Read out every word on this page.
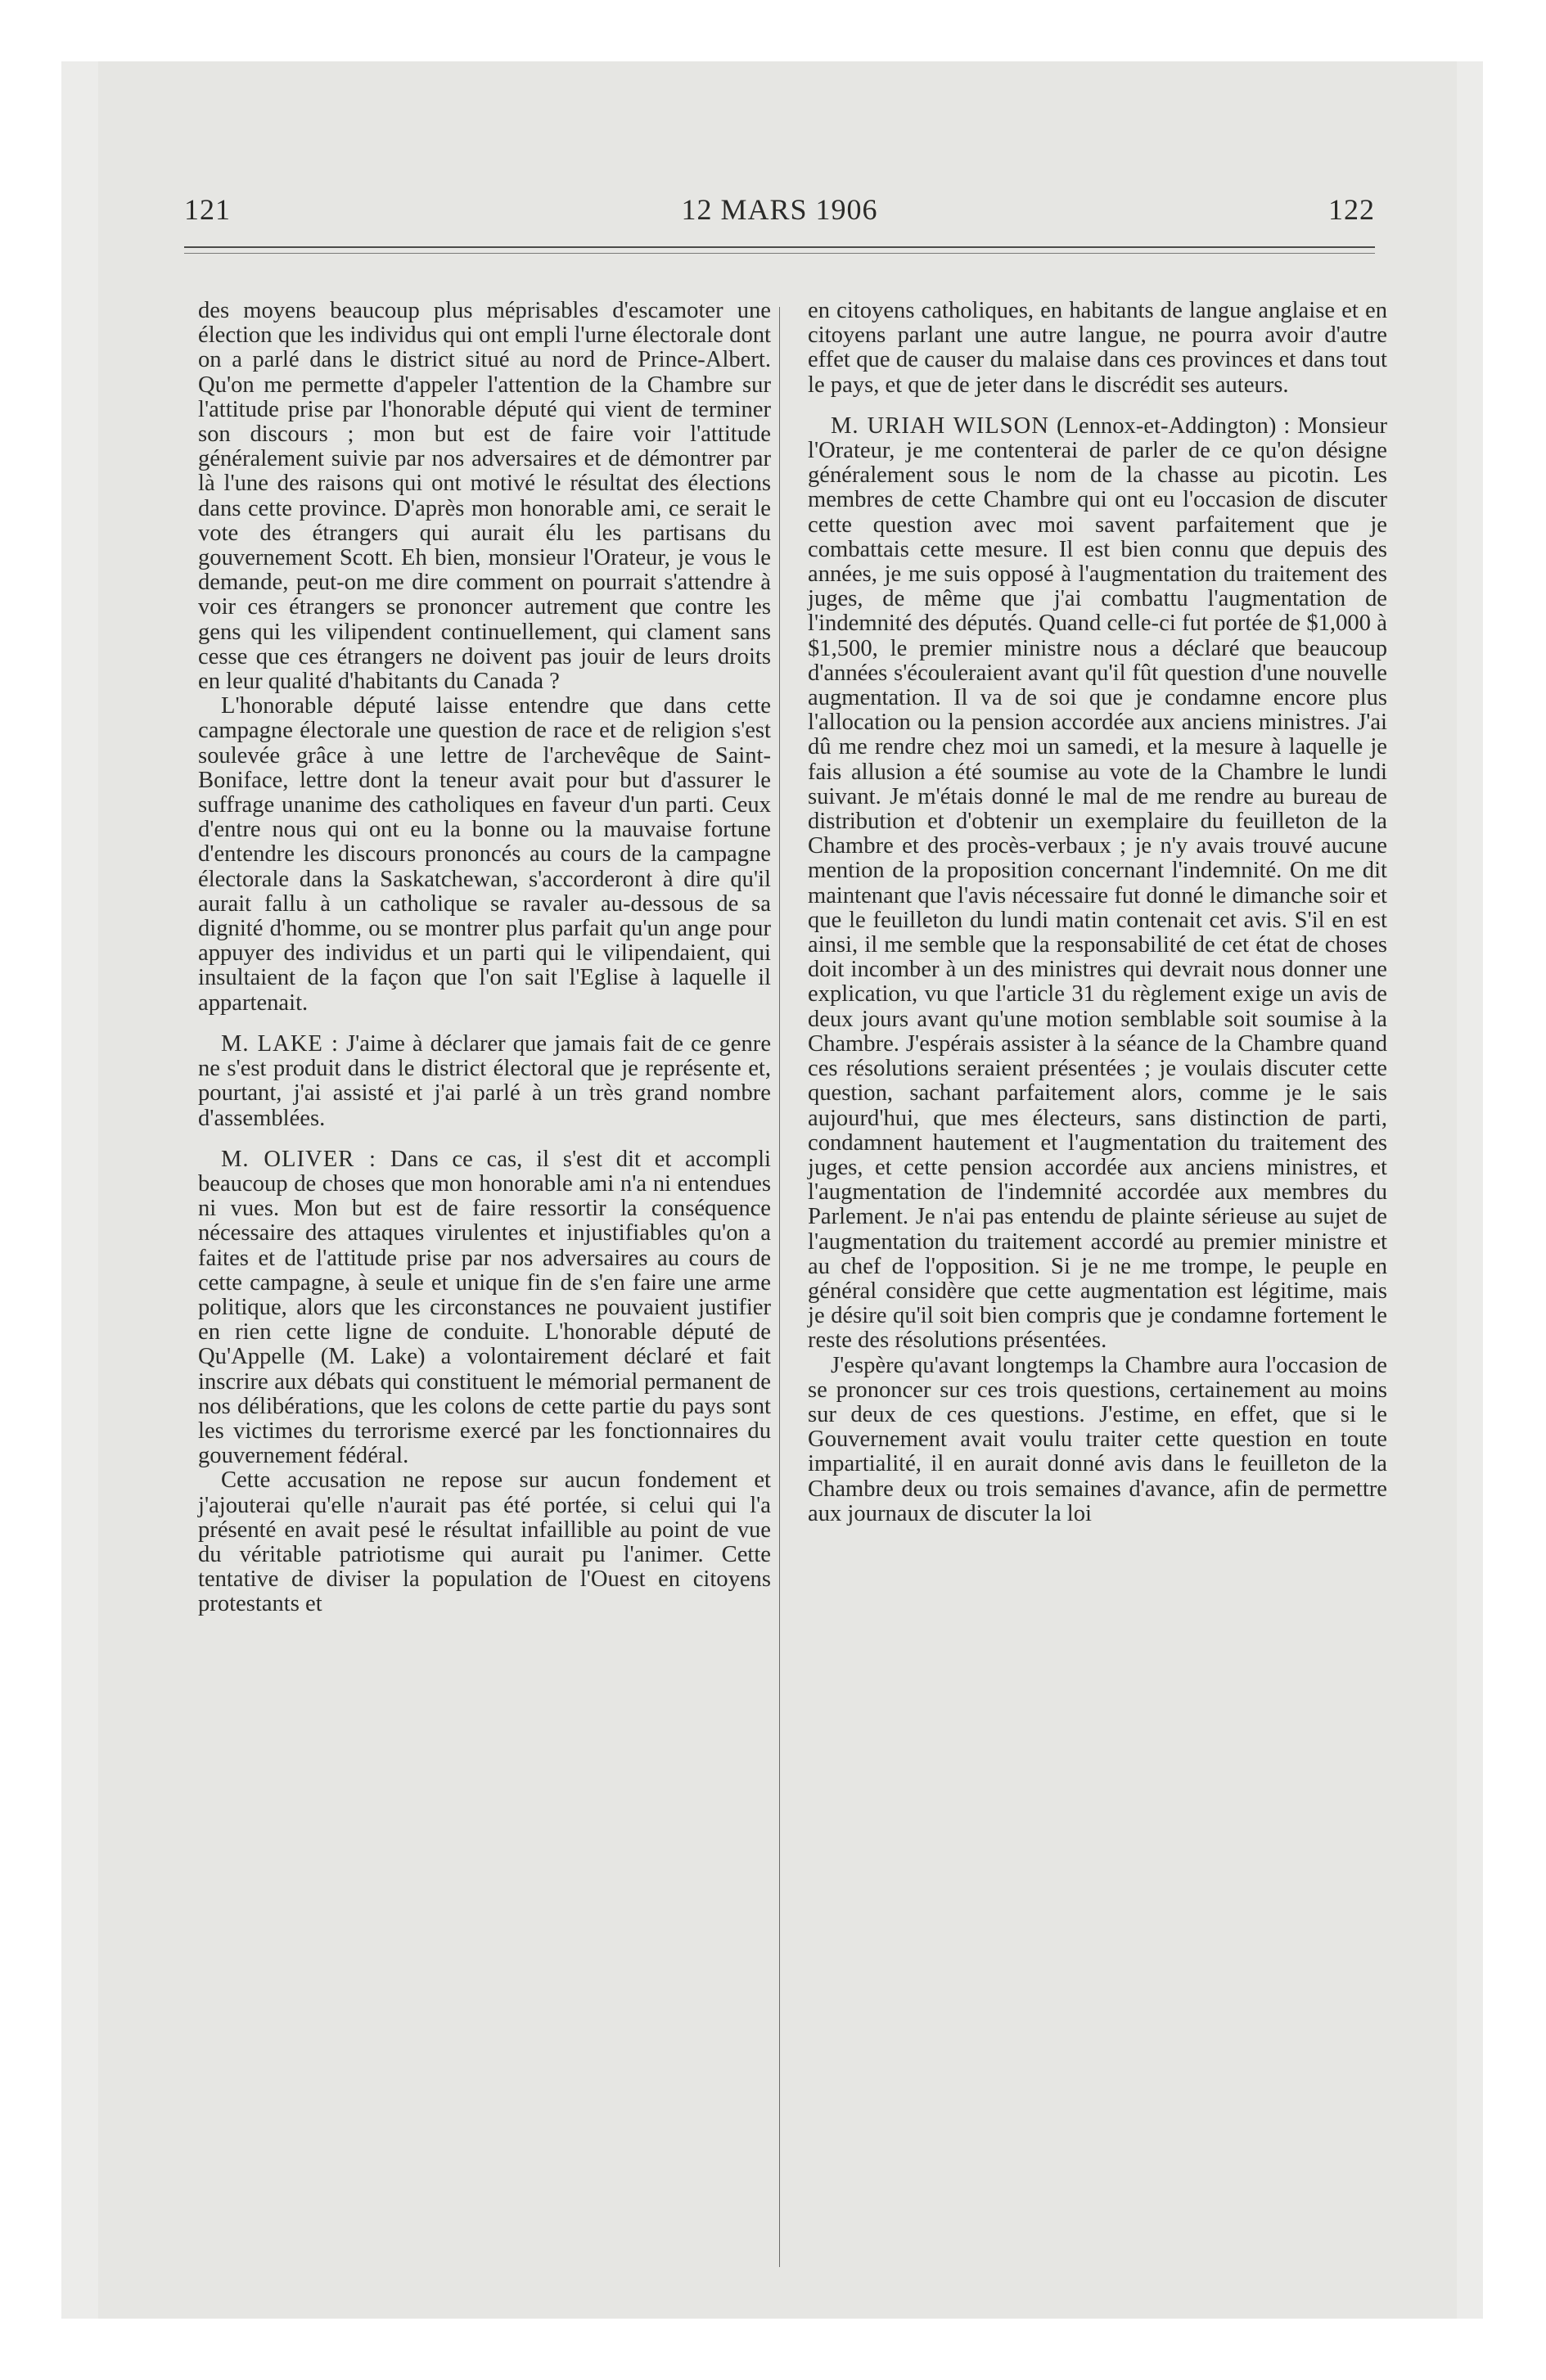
121	12 MARS 1906	122

des moyens beaucoup plus méprisables d'escamoter une élection que les individus qui ont empli l'urne électorale dont on a parlé dans le district situé au nord de Prince-Albert. Qu'on me permette d'appeler l'attention de la Chambre sur l'attitude prise par l'honorable député qui vient de terminer son discours ; mon but est de faire voir l'attitude généralement suivie par nos adversaires et de démontrer par là l'une des raisons qui ont motivé le résultat des élections dans cette province. D'après mon honorable ami, ce serait le vote des étrangers qui aurait élu les partisans du gouvernement Scott. Eh bien, monsieur l'Orateur, je vous le demande, peut-on me dire comment on pourrait s'attendre à voir ces étrangers se prononcer autrement que contre les gens qui les vilipendent continuellement, qui clament sans cesse que ces étrangers ne doivent pas jouir de leurs droits en leur qualité d'habitants du Canada ?

L'honorable député laisse entendre que dans cette campagne électorale une question de race et de religion s'est soulevée grâce à une lettre de l'archevêque de Saint-Boniface, lettre dont la teneur avait pour but d'assurer le suffrage unanime des catholiques en faveur d'un parti. Ceux d'entre nous qui ont eu la bonne ou la mauvaise fortune d'entendre les discours prononcés au cours de la campagne électorale dans la Saskatchewan, s'accorderont à dire qu'il aurait fallu à un catholique se ravaler au-dessous de sa dignité d'homme, ou se montrer plus parfait qu'un ange pour appuyer des individus et un parti qui le vilipendaient, qui insultaient de la façon que l'on sait l'Eglise à laquelle il appartenait.

M. LAKE : J'aime à déclarer que jamais fait de ce genre ne s'est produit dans le district électoral que je représente et, pourtant, j'ai assisté et j'ai parlé à un très grand nombre d'assemblées.

M. OLIVER : Dans ce cas, il s'est dit et accompli beaucoup de choses que mon honorable ami n'a ni entendues ni vues. Mon but est de faire ressortir la conséquence nécessaire des attaques virulentes et injustifiables qu'on a faites et de l'attitude prise par nos adversaires au cours de cette campagne, à seule et unique fin de s'en faire une arme politique, alors que les circonstances ne pouvaient justifier en rien cette ligne de conduite. L'honorable député de Qu'Appelle (M. Lake) a volontairement déclaré et fait inscrire aux débats qui constituent le mémorial permanent de nos délibérations, que les colons de cette partie du pays sont les victimes du terrorisme exercé par les fonctionnaires du gouvernement fédéral.

Cette accusation ne repose sur aucun fondement et j'ajouterai qu'elle n'aurait pas été portée, si celui qui l'a présenté en avait pesé le résultat infaillible au point de vue du véritable patriotisme qui aurait pu l'animer. Cette tentative de diviser la population de l'Ouest en citoyens protestants et

en citoyens catholiques, en habitants de langue anglaise et en citoyens parlant une autre langue, ne pourra avoir d'autre effet que de causer du malaise dans ces provinces et dans tout le pays, et que de jeter dans le discrédit ses auteurs.

M. URIAH WILSON (Lennox-et-Addington) : Monsieur l'Orateur, je me contenterai de parler de ce qu'on désigne généralement sous le nom de la chasse au picotin. Les membres de cette Chambre qui ont eu l'occasion de discuter cette question avec moi savent parfaitement que je combattais cette mesure. Il est bien connu que depuis des années, je me suis opposé à l'augmentation du traitement des juges, de même que j'ai combattu l'augmentation de l'indemnité des députés. Quand celle-ci fut portée de $1,000 à $1,500, le premier ministre nous a déclaré que beaucoup d'années s'écouleraient avant qu'il fût question d'une nouvelle augmentation. Il va de soi que je condamne encore plus l'allocation ou la pension accordée aux anciens ministres. J'ai dû me rendre chez moi un samedi, et la mesure à laquelle je fais allusion a été soumise au vote de la Chambre le lundi suivant. Je m'étais donné le mal de me rendre au bureau de distribution et d'obtenir un exemplaire du feuilleton de la Chambre et des procès-verbaux ; je n'y avais trouvé aucune mention de la proposition concernant l'indemnité. On me dit maintenant que l'avis nécessaire fut donné le dimanche soir et que le feuilleton du lundi matin contenait cet avis. S'il en est ainsi, il me semble que la responsabilité de cet état de choses doit incomber à un des ministres qui devrait nous donner une explication, vu que l'article 31 du règlement exige un avis de deux jours avant qu'une motion semblable soit soumise à la Chambre. J'espérais assister à la séance de la Chambre quand ces résolutions seraient présentées ; je voulais discuter cette question, sachant parfaitement alors, comme je le sais aujourd'hui, que mes électeurs, sans distinction de parti, condamnent hautement et l'augmentation du traitement des juges, et cette pension accordée aux anciens ministres, et l'augmentation de l'indemnité accordée aux membres du Parlement. Je n'ai pas entendu de plainte sérieuse au sujet de l'augmentation du traitement accordé au premier ministre et au chef de l'opposition. Si je ne me trompe, le peuple en général considère que cette augmentation est légitime, mais je désire qu'il soit bien compris que je condamne fortement le reste des résolutions présentées.

J'espère qu'avant longtemps la Chambre aura l'occasion de se prononcer sur ces trois questions, certainement au moins sur deux de ces questions. J'estime, en effet, que si le Gouvernement avait voulu traiter cette question en toute impartialité, il en aurait donné avis dans le feuilleton de la Chambre deux ou trois semaines d'avance, afin de permettre aux journaux de discuter la loi
